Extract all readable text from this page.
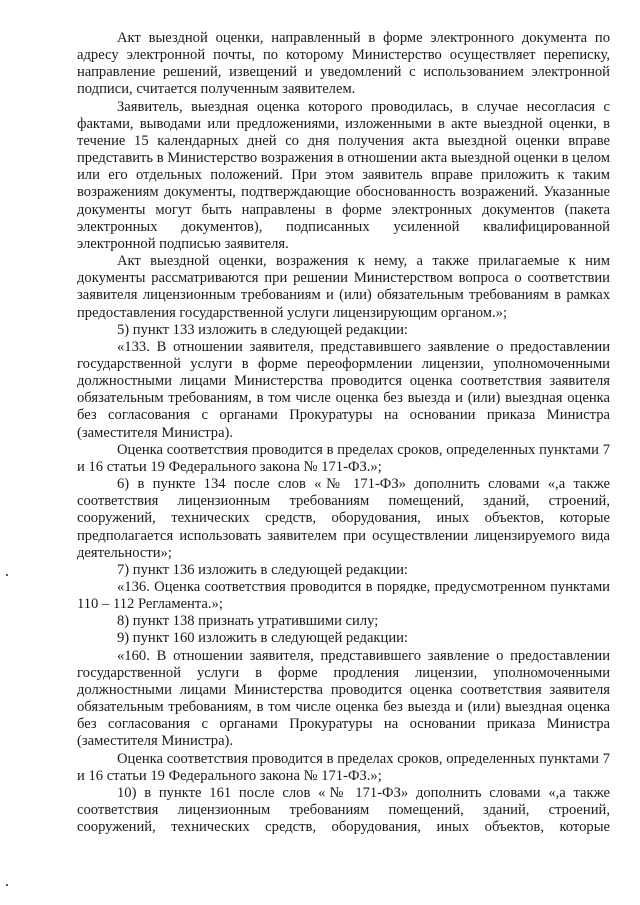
Акт выездной оценки, направленный в форме электронного документа по адресу электронной почты, по которому Министерство осуществляет переписку, направление решений, извещений и уведомлений с использованием электронной подписи, считается полученным заявителем.

Заявитель, выездная оценка которого проводилась, в случае несогласия с фактами, выводами или предложениями, изложенными в акте выездной оценки, в течение 15 календарных дней со дня получения акта выездной оценки вправе представить в Министерство возражения в отношении акта выездной оценки в целом или его отдельных положений. При этом заявитель вправе приложить к таким возражениям документы, подтверждающие обоснованность возражений. Указанные документы могут быть направлены в форме электронных документов (пакета электронных документов), подписанных усиленной квалифицированной электронной подписью заявителя.

Акт выездной оценки, возражения к нему, а также прилагаемые к ним документы рассматриваются при решении Министерством вопроса о соответствии заявителя лицензионным требованиям и (или) обязательным требованиям в рамках предоставления государственной услуги лицензирующим органом.»;

5) пункт 133 изложить в следующей редакции:

«133. В отношении заявителя, представившего заявление о предоставлении государственной услуги в форме переоформлении лицензии, уполномоченными должностными лицами Министерства проводится оценка соответствия заявителя обязательным требованиям, в том числе оценка без выезда и (или) выездная оценка без согласования с органами Прокуратуры на основании приказа Министра (заместителя Министра).

Оценка соответствия проводится в пределах сроков, определенных пунктами 7 и 16 статьи 19 Федерального закона № 171-ФЗ.»;

6) в пункте 134 после слов «№ 171-ФЗ» дополнить словами «,а также соответствия лицензионным требованиям помещений, зданий, строений, сооружений, технических средств, оборудования, иных объектов, которые предполагается использовать заявителем при осуществлении лицензируемого вида деятельности»;

7) пункт 136 изложить в следующей редакции:

«136. Оценка соответствия проводится в порядке, предусмотренном пунктами 110 – 112 Регламента.»;

8) пункт 138 признать утратившими силу;

9) пункт 160 изложить в следующей редакции:

«160. В отношении заявителя, представившего заявление о предоставлении государственной услуги в форме продления лицензии, уполномоченными должностными лицами Министерства проводится оценка соответствия заявителя обязательным требованиям, в том числе оценка без выезда и (или) выездная оценка без согласования с органами Прокуратуры на основании приказа Министра (заместителя Министра).

Оценка соответствия проводится в пределах сроков, определенных пунктами 7 и 16 статьи 19 Федерального закона № 171-ФЗ.»;

10) в пункте 161 после слов «№ 171-ФЗ» дополнить словами «,а также соответствия лицензионным требованиям помещений, зданий, строений, сооружений, технических средств, оборудования, иных объектов, которые
